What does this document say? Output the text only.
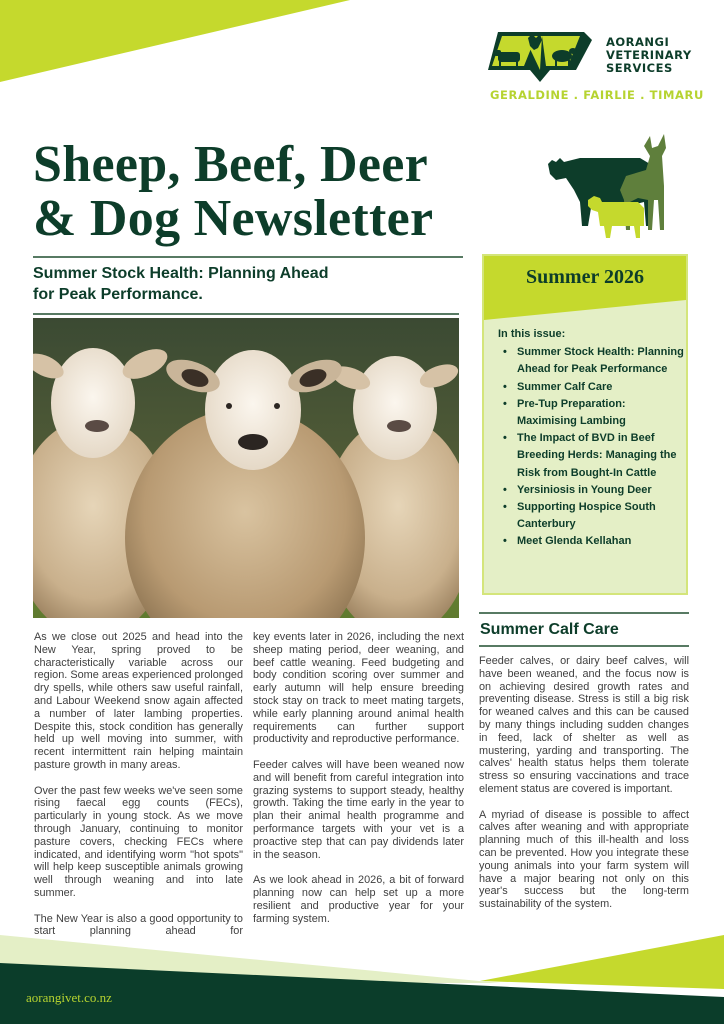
AORANGI
VETERINARY
SERVICES
GERALDINE . FAIRLIE . TIMARU
Sheep, Beef, Deer
& Dog Newsletter
Summer Stock Health: Planning Ahead
for Peak Performance.
Summer 2026
In this issue:
• Summer Stock Health: Planning Ahead for Peak Performance
• Summer Calf Care
• Pre-Tup Preparation: Maximising Lambing
• The Impact of BVD in Beef Breeding Herds: Managing the Risk from Bought-In Cattle
• Yersiniosis in Young Deer
• Supporting Hospice South Canterbury
• Meet Glenda Kellahan
Summer Calf Care

As we close out 2025 and head into the New Year, spring proved to be characteristically variable across our region. Some areas experienced prolonged dry spells, while others saw useful rainfall, and Labour Weekend snow again affected a number of later lambing properties. Despite this, stock condition has generally held up well moving into summer, with recent intermittent rain helping maintain pasture growth in many areas.

Over the past few weeks we've seen some rising faecal egg counts (FECs), particularly in young stock. As we move through January, continuing to monitor pasture covers, checking FECs where indicated, and identifying worm "hot spots" will help keep susceptible animals growing well through weaning and into late summer.

The New Year is also a good opportunity to start planning ahead for

key events later in 2026, including the next sheep mating period, deer weaning, and beef cattle weaning. Feed budgeting and body condition scoring over summer and early autumn will help ensure breeding stock stay on track to meet mating targets, while early planning around animal health requirements can further support productivity and reproductive performance.

Feeder calves will have been weaned now and will benefit from careful integration into grazing systems to support steady, healthy growth. Taking the time early in the year to plan their animal health programme and performance targets with your vet is a proactive step that can pay dividends later in the season.

As we look ahead in 2026, a bit of forward planning now can help set up a more resilient and productive year for your farming system.

Feeder calves, or dairy beef calves, will have been weaned, and the focus now is on achieving desired growth rates and preventing disease. Stress is still a big risk for weaned calves and this can be caused by many things including sudden changes in feed, lack of shelter as well as mustering, yarding and transporting. The calves' health status helps them tolerate stress so ensuring vaccinations and trace element status are covered is important.

A myriad of disease is possible to affect calves after weaning and with appropriate planning much of this ill-health and loss can be prevented. How you integrate these young animals into your farm system will have a major bearing not only on this year's success but the long-term sustainability of the system.

aorangivet.co.nz
